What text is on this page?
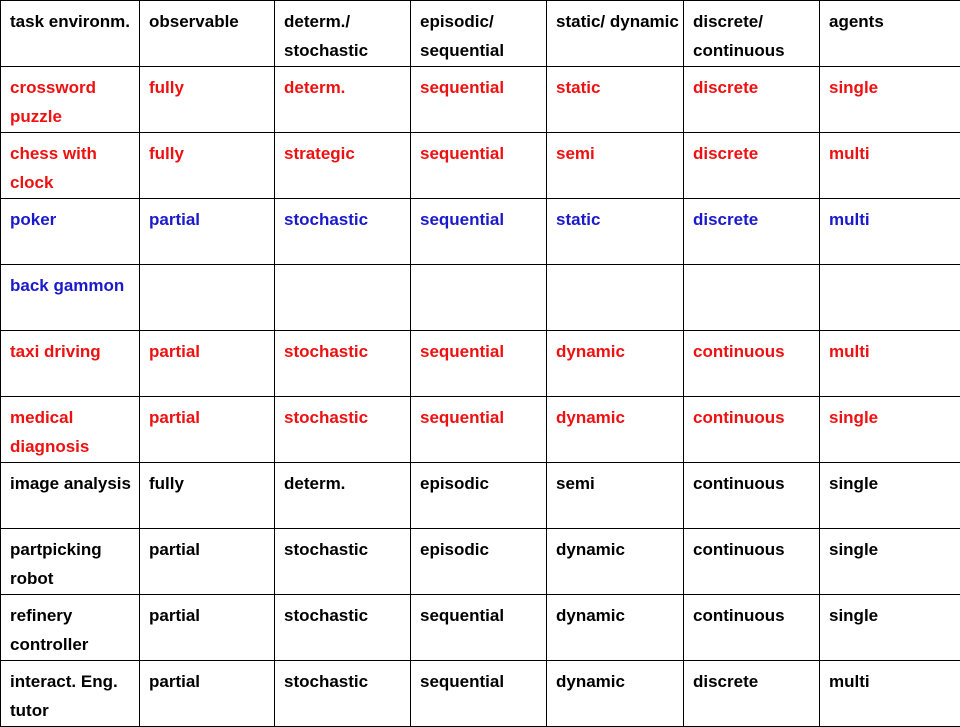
task environm.	observable	determ./ stochastic	episodic/ sequential	static/ dynamic	discrete/ continuous	agents
crossword puzzle	fully	determ.	sequential	static	discrete	single
chess with clock	fully	strategic	sequential	semi	discrete	multi
poker	partial	stochastic	sequential	static	discrete	multi
back gammon						
taxi driving	partial	stochastic	sequential	dynamic	continuous	multi
medical diagnosis	partial	stochastic	sequential	dynamic	continuous	single
image analysis	fully	determ.	episodic	semi	continuous	single
partpicking robot	partial	stochastic	episodic	dynamic	continuous	single
refinery controller	partial	stochastic	sequential	dynamic	continuous	single
interact. Eng. tutor	partial	stochastic	sequential	dynamic	discrete	multi
